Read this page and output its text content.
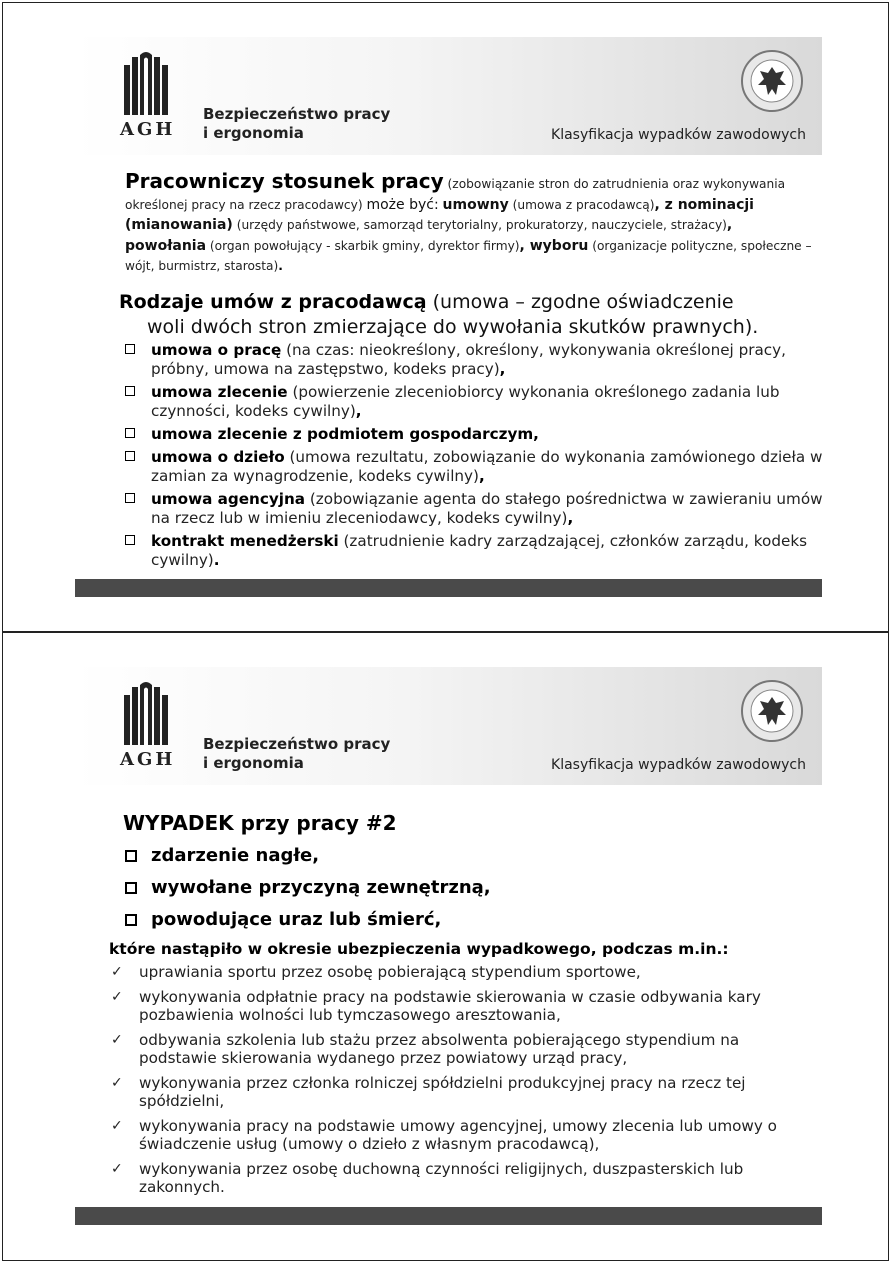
AGH
Bezpieczeństwo pracy
i ergonomia	Klasyfikacja wypadków zawodowych
Pracowniczy stosunek pracy (zobowiązanie stron do zatrudnienia oraz wykonywania określonej pracy na rzecz pracodawcy) może być: umowny (umowa z pracodawcą), z nominacji (mianowania) (urzędy państwowe, samorząd terytorialny, prokuratorzy, nauczyciele, strażacy), powołania (organ powołujący - skarbik gminy, dyrektor firmy), wyboru (organizacje polityczne, społeczne – wójt, burmistrz, starosta).
Rodzaje umów z pracodawcą (umowa – zgodne oświadczenie
woli dwóch stron zmierzające do wywołania skutków prawnych).
umowa o pracę (na czas: nieokreślony, określony, wykonywania określonej pracy, próbny, umowa na zastępstwo, kodeks pracy),
umowa zlecenie (powierzenie zleceniobiorcy wykonania określonego zadania lub czynności, kodeks cywilny),
umowa zlecenie z podmiotem gospodarczym,
umowa o dzieło (umowa rezultatu, zobowiązanie do wykonania zamówionego dzieła w zamian za wynagrodzenie, kodeks cywilny),
umowa agencyjna (zobowiązanie agenta do stałego pośrednictwa w zawieraniu umów na rzecz lub w imieniu zleceniodawcy, kodeks cywilny),
kontrakt menedżerski (zatrudnienie kadry zarządzającej, członków zarządu, kodeks cywilny).
AGH
Bezpieczeństwo pracy
i ergonomia	Klasyfikacja wypadków zawodowych
WYPADEK przy pracy #2
zdarzenie nagłe,
wywołane przyczyną zewnętrzną,
powodujące uraz lub śmierć,
które nastąpiło w okresie ubezpieczenia wypadkowego, podczas m.in.:
✓ uprawiania sportu przez osobę pobierającą stypendium sportowe,
✓ wykonywania odpłatnie pracy na podstawie skierowania w czasie odbywania kary pozbawienia wolności lub tymczasowego aresztowania,
✓ odbywania szkolenia lub stażu przez absolwenta pobierającego stypendium na podstawie skierowania wydanego przez powiatowy urząd pracy,
✓ wykonywania przez członka rolniczej spółdzielni produkcyjnej pracy na rzecz tej spółdzielni,
✓ wykonywania pracy na podstawie umowy agencyjnej, umowy zlecenia lub umowy o świadczenie usług (umowy o dzieło z własnym pracodawcą),
✓ wykonywania przez osobę duchowną czynności religijnych, duszpasterskich lub zakonnych.
